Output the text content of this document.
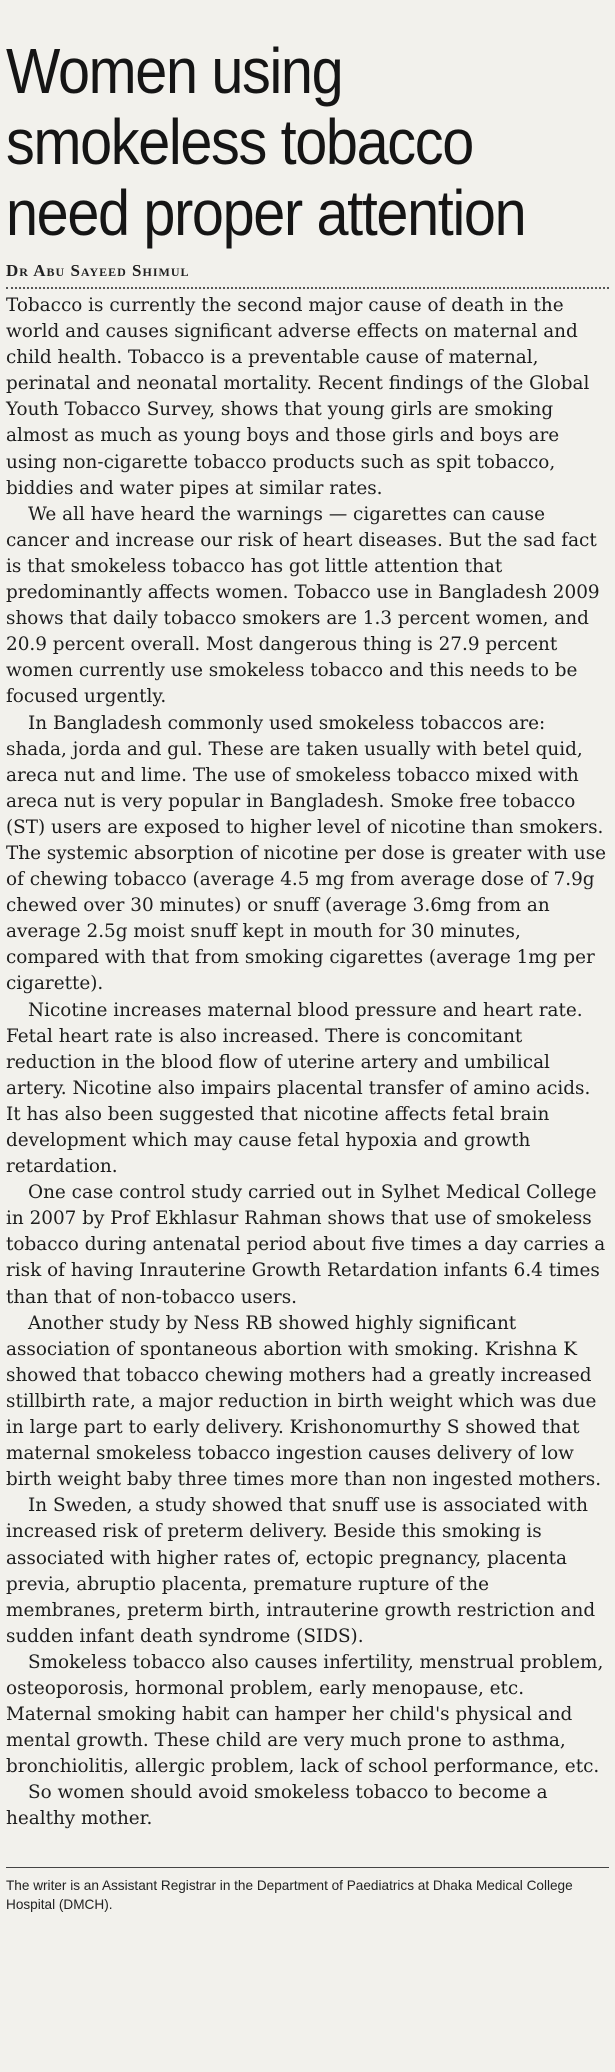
Women using
smokeless tobacco
need proper attention
Dr Abu Sayeed Shimul

Tobacco is currently the second major cause of death in the world and causes significant adverse effects on maternal and child health. Tobacco is a preventable cause of maternal, perinatal and neonatal mortality. Recent findings of the Global Youth Tobacco Survey, shows that young girls are smoking almost as much as young boys and those girls and boys are using non-cigarette tobacco products such as spit tobacco, biddies and water pipes at similar rates.

We all have heard the warnings — cigarettes can cause cancer and increase our risk of heart diseases. But the sad fact is that smokeless tobacco has got little attention that predominantly affects women. Tobacco use in Bangladesh 2009 shows that daily tobacco smokers are 1.3 percent women, and 20.9 percent overall. Most dangerous thing is 27.9 percent women currently use smokeless tobacco and this needs to be focused urgently.

In Bangladesh commonly used smokeless tobaccos are: shada, jorda and gul. These are taken usually with betel quid, areca nut and lime. The use of smokeless tobacco mixed with areca nut is very popular in Bangladesh. Smoke free tobacco (ST) users are exposed to higher level of nicotine than smokers. The systemic absorption of nicotine per dose is greater with use of chewing tobacco (average 4.5 mg from average dose of 7.9g chewed over 30 minutes) or snuff (average 3.6mg from an average 2.5g moist snuff kept in mouth for 30 minutes, compared with that from smoking cigarettes (average 1mg per cigarette).

Nicotine increases maternal blood pressure and heart rate. Fetal heart rate is also increased. There is concomitant reduction in the blood flow of uterine artery and umbilical artery. Nicotine also impairs placental transfer of amino acids. It has also been suggested that nicotine affects fetal brain development which may cause fetal hypoxia and growth retardation.

One case control study carried out in Sylhet Medical College in 2007 by Prof Ekhlasur Rahman shows that use of smokeless tobacco during antenatal period about five times a day carries a risk of having Inrauterine Growth Retardation infants 6.4 times than that of non-tobacco users.

Another study by Ness RB showed highly significant association of spontaneous abortion with smoking. Krishna K showed that tobacco chewing mothers had a greatly increased stillbirth rate, a major reduction in birth weight which was due in large part to early delivery. Krishonomurthy S showed that maternal smokeless tobacco ingestion causes delivery of low birth weight baby three times more than non ingested mothers.

In Sweden, a study showed that snuff use is associated with increased risk of preterm delivery. Beside this smoking is associated with higher rates of, ectopic pregnancy, placenta previa, abruptio placenta, premature rupture of the membranes, preterm birth, intrauterine growth restriction and sudden infant death syndrome (SIDS).

Smokeless tobacco also causes infertility, menstrual problem, osteoporosis, hormonal problem, early menopause, etc. Maternal smoking habit can hamper her child's physical and mental growth. These child are very much prone to asthma, bronchiolitis, allergic problem, lack of school performance, etc.

So women should avoid smokeless tobacco to become a healthy mother.

The writer is an Assistant Registrar in the Department of Paediatrics at Dhaka Medical College Hospital (DMCH).
